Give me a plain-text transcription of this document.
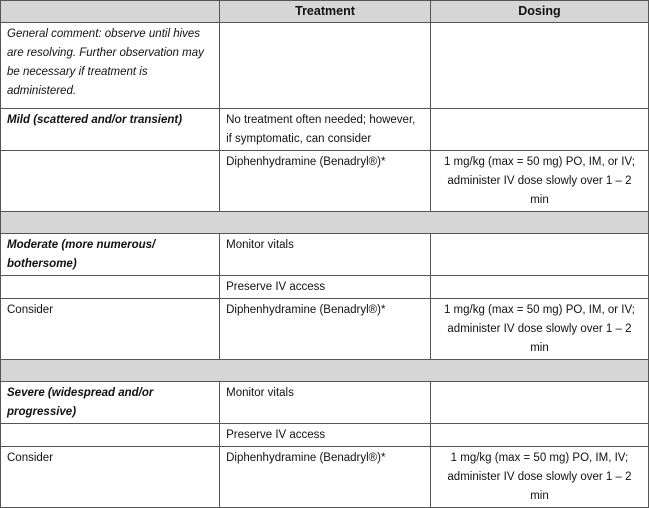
	Treatment	Dosing
General comment: observe until hives are resolving. Further observation may be necessary if treatment is administered.		
Mild (scattered and/or transient)	No treatment often needed; however, if symptomatic, can consider	
	Diphenhydramine (Benadryl®)*	1 mg/kg (max = 50 mg) PO, IM, or IV; administer IV dose slowly over 1 – 2 min

Moderate (more numerous/ bothersome)	Monitor vitals	
	Preserve IV access	
Consider	Diphenhydramine (Benadryl®)*	1 mg/kg (max = 50 mg) PO, IM, or IV; administer IV dose slowly over 1 – 2 min

Severe (widespread and/or progressive)	Monitor vitals	
	Preserve IV access	
Consider	Diphenhydramine (Benadryl®)*	1 mg/kg (max = 50 mg) PO, IM, IV; administer IV dose slowly over 1 – 2 min
